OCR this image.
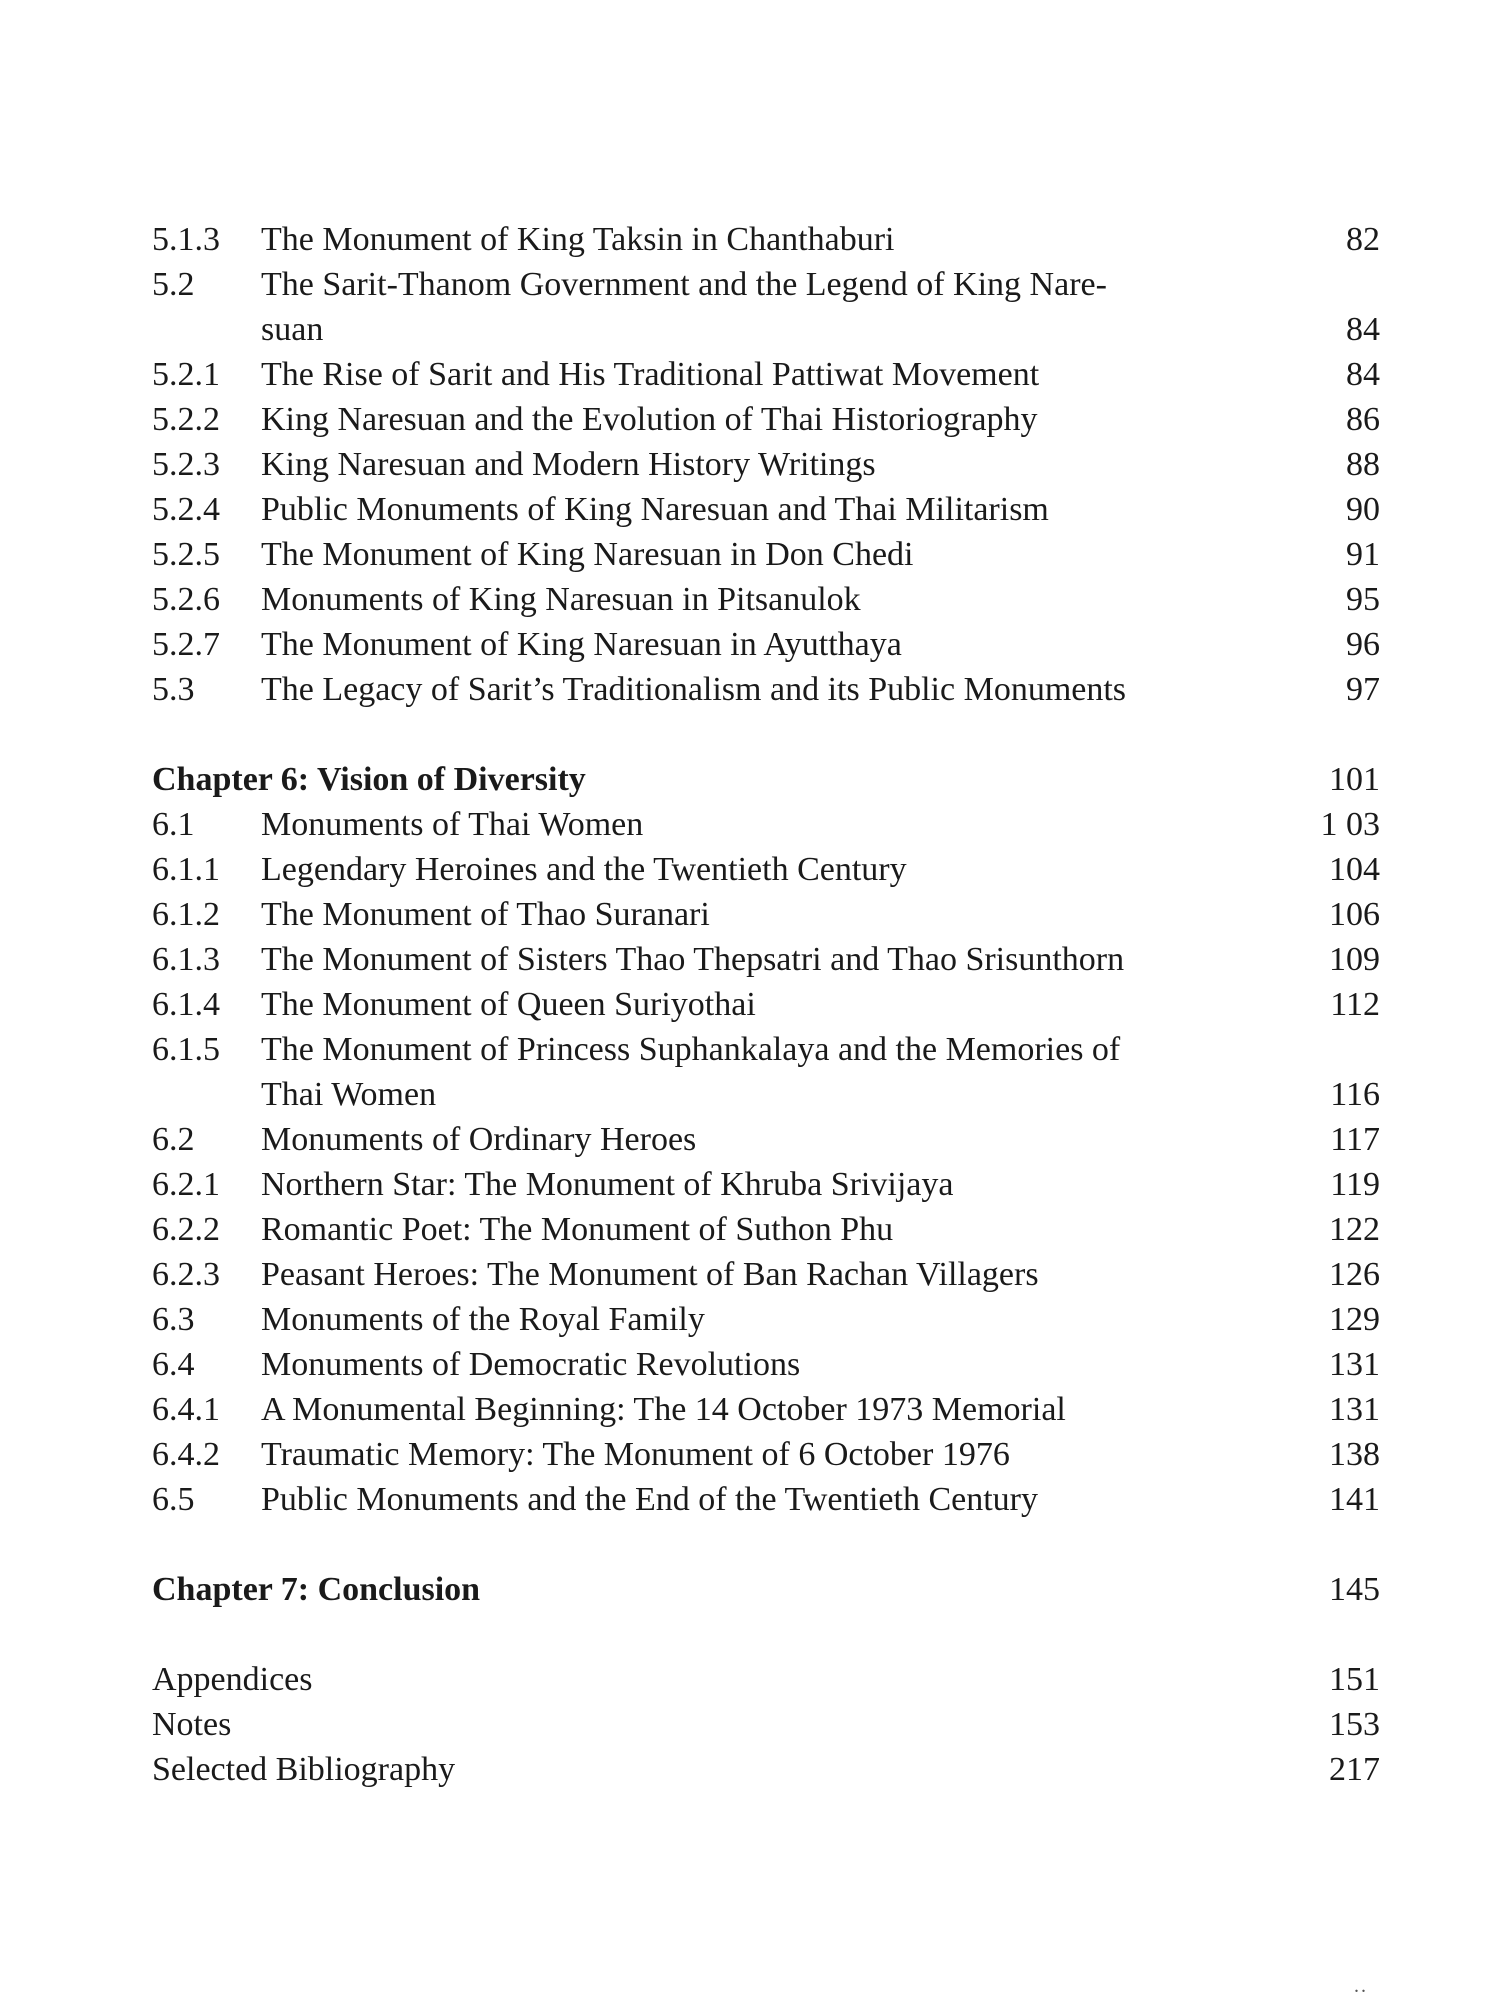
5.1.3 The Monument of King Taksin in Chanthaburi	82
5.2 The Sarit-Thanom Government and the Legend of King Nare-
suan	84
5.2.1 The Rise of Sarit and His Traditional Pattiwat Movement	84
5.2.2 King Naresuan and the Evolution of Thai Historiography	86
5.2.3 King Naresuan and Modern History Writings	88
5.2.4 Public Monuments of King Naresuan and Thai Militarism	90
5.2.5 The Monument of King Naresuan in Don Chedi	91
5.2.6 Monuments of King Naresuan in Pitsanulok	95
5.2.7 The Monument of King Naresuan in Ayutthaya	96
5.3 The Legacy of Sarit’s Traditionalism and its Public Monuments	97
Chapter 6: Vision of Diversity	101
6.1 Monuments of Thai Women	1 03
6.1.1 Legendary Heroines and the Twentieth Century	104
6.1.2 The Monument of Thao Suranari	106
6.1.3 The Monument of Sisters Thao Thepsatri and Thao Srisunthorn	109
6.1.4 The Monument of Queen Suriyothai	112
6.1.5 The Monument of Princess Suphankalaya and the Memories of
Thai Women	116
6.2 Monuments of Ordinary Heroes	117
6.2.1 Northern Star: The Monument of Khruba Srivijaya	119
6.2.2 Romantic Poet: The Monument of Suthon Phu	122
6.2.3 Peasant Heroes: The Monument of Ban Rachan Villagers	126
6.3 Monuments of the Royal Family	129
6.4 Monuments of Democratic Revolutions	131
6.4.1 A Monumental Beginning: The 14 October 1973 Memorial	131
6.4.2 Traumatic Memory: The Monument of 6 October 1976	138
6.5 Public Monuments and the End of the Twentieth Century	141
Chapter 7: Conclusion	145
Appendices	151
Notes	153
Selected Bibliography	217
..
